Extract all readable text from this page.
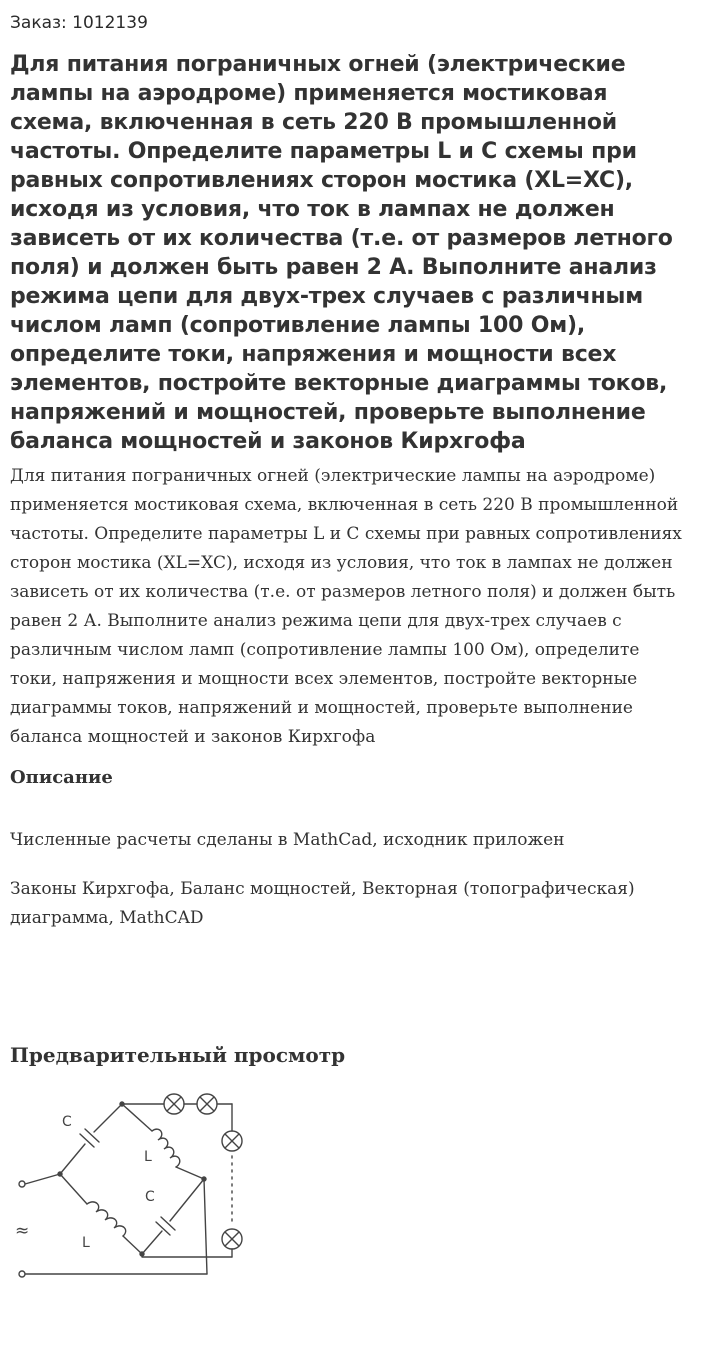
Заказ: 1012139

Для питания пограничных огней (электрические лампы на аэродроме) применяется мостиковая схема, включенная в сеть 220 В промышленной частоты. Определите параметры L и С схемы при равных сопротивлениях сторон мостика (XL=XC), исходя из условия, что ток в лампах не должен зависеть от их количества (т.е. от размеров летного поля) и должен быть равен 2 А. Выполните анализ режима цепи для двух-трех случаев с различным числом ламп (сопротивление лампы 100 Ом), определите токи, напряжения и мощности всех элементов, постройте векторные диаграммы токов, напряжений и мощностей, проверьте выполнение баланса мощностей и законов Кирхгофа

Для питания пограничных огней (электрические лампы на аэродроме) применяется мостиковая схема, включенная в сеть 220 В промышленной частоты. Определите параметры L и С схемы при равных сопротивлениях сторон мостика (XL=XC), исходя из условия, что ток в лампах не должен зависеть от их количества (т.е. от размеров летного поля) и должен быть равен 2 А. Выполните анализ режима цепи для двух-трех случаев с различным числом ламп (сопротивление лампы 100 Ом), определите токи, напряжения и мощности всех элементов, постройте векторные диаграммы токов, напряжений и мощностей, проверьте выполнение баланса мощностей и законов Кирхгофа

Описание

Численные расчеты сделаны в MathCad, исходник приложен

Законы Кирхгофа, Баланс мощностей, Векторная (топографическая) диаграмма, MathCAD

Предварительный просмотр
C
L
C
L
≈
